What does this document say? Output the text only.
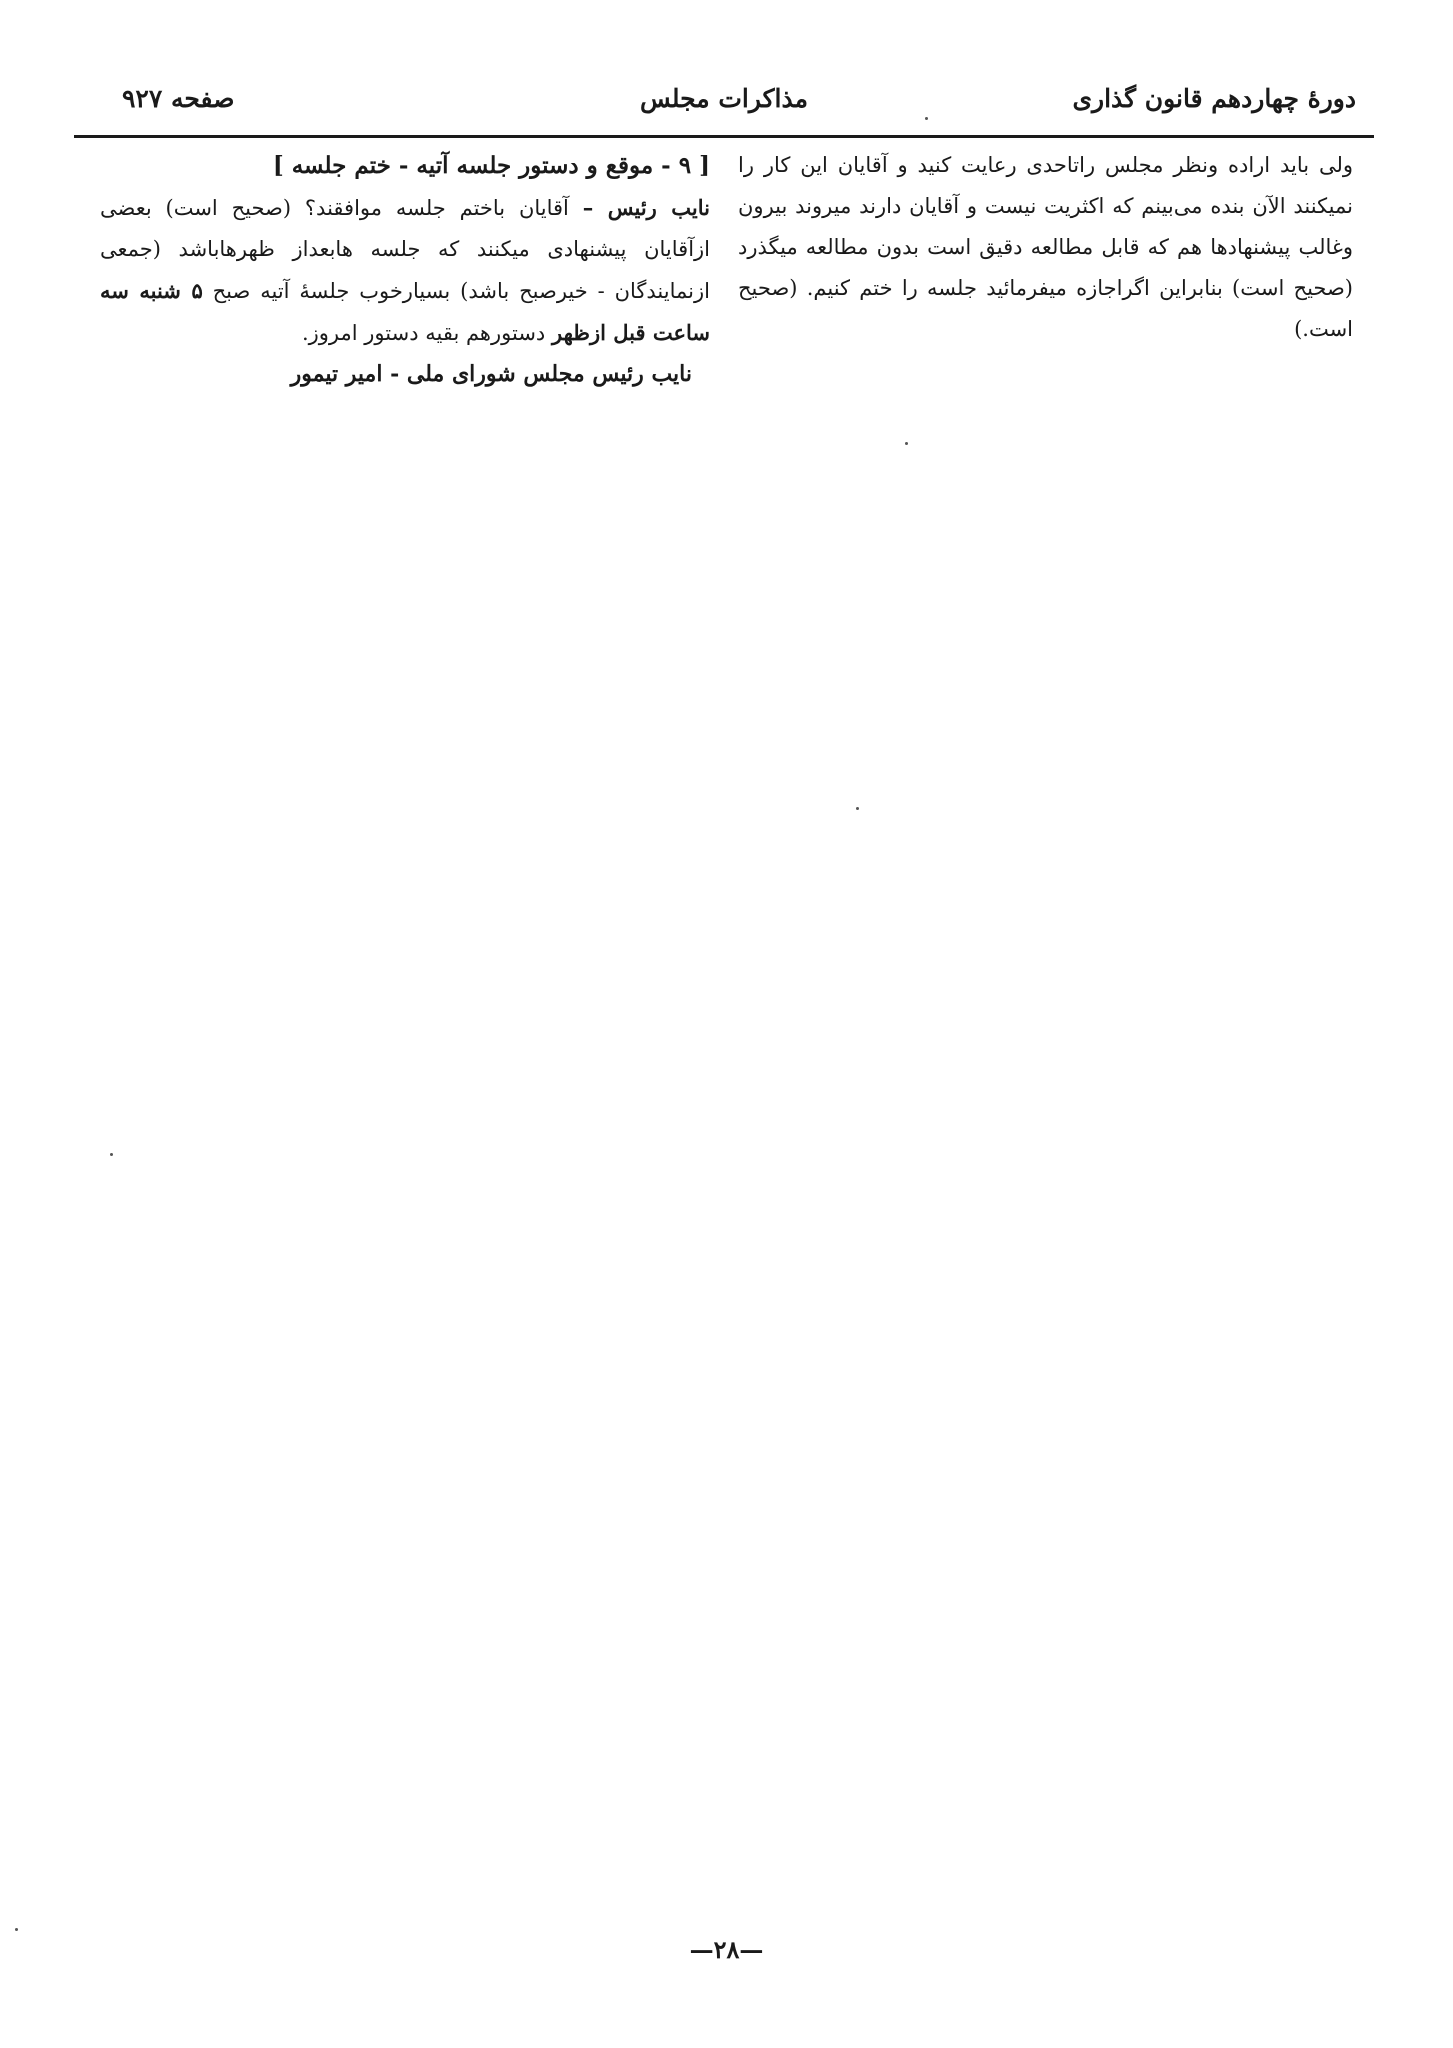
دورهٔ چهاردهم قانون گذاری
مذاکرات مجلس
صفحه ۹۲۷

ولی باید اراده ونظر مجلس راتاحدی رعایت کنید و آقایان این کار را نمیکنند الآن بنده می‌بینم که اکثریت نیست و آقایان دارند میروند بیرون وغالب پیشنهادها هم که قابل مطالعه دقیق است بدون مطالعه میگذرد (صحیح است) بنابراین اگراجازه میفرمائید جلسه را ختم کنیم. (صحیح است.)

[ ۹ - موقع و دستور جلسه آتیه - ختم جلسه ]

نایب رئیس – آقایان باختم جلسه موافقند؟ (صحیح است) بعضی ازآقایان پیشنهادی میکنند که جلسه هابعداز ظهرهاباشد (جمعی ازنمایندگان - خیرصبح باشد) بسیارخوب جلسهٔ آتیه صبح ۵ شنبه سه ساعت قبل ازظهر دستورهم بقیه دستور امروز.

نایب رئیس مجلس شورای ملی - امیر تیمور

—۲۸—
